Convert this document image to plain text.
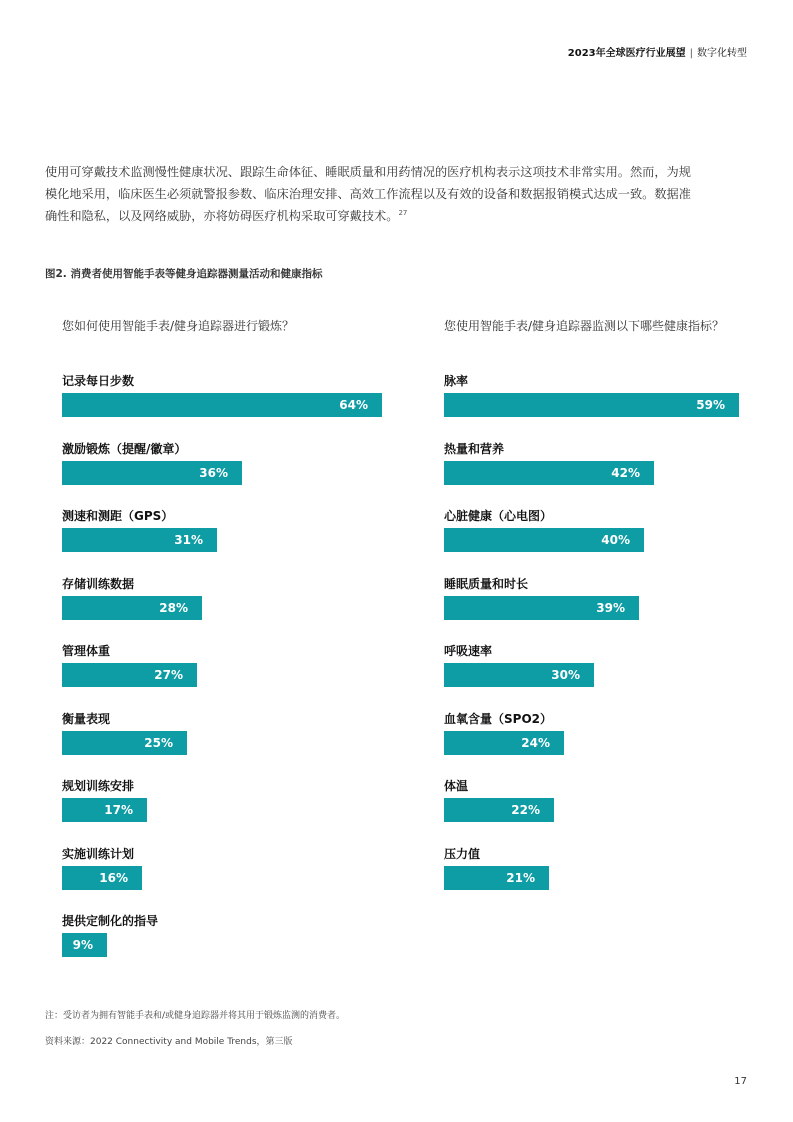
2023年全球医疗行业展望 | 数字化转型

使用可穿戴技术监测慢性健康状况、跟踪生命体征、睡眠质量和用药情况的医疗机构表示这项技术非常实用。然而，为规模化地采用，临床医生必须就警报参数、临床治理安排、高效工作流程以及有效的设备和数据报销模式达成一致。数据准确性和隐私，以及网络威胁，亦将妨碍医疗机构采取可穿戴技术。$^{27}$

图2. 消费者使用智能手表等健身追踪器测量活动和健康指标
您如何使用智能手表/健身追踪器进行锻炼？	您使用智能手表/健身追踪器监测以下哪些健康指标？
记录每日步数
64%
激励锻炼（提醒/徽章）
36%
测速和测距（GPS）
31%
存储训练数据
28%
管理体重
27%
衡量表现
25%
规划训练安排
17%
实施训练计划
16%
提供定制化的指导
9%
脉率
59%
热量和营养
42%
心脏健康（心电图）
40%
睡眠质量和时长
39%
呼吸速率
30%
血氧含量（SPO2）
24%
体温
22%
压力值
21%
注：受访者为拥有智能手表和/或健身追踪器并将其用于锻炼监测的消费者。
资料来源：2022 Connectivity and Mobile Trends，第三版
17
